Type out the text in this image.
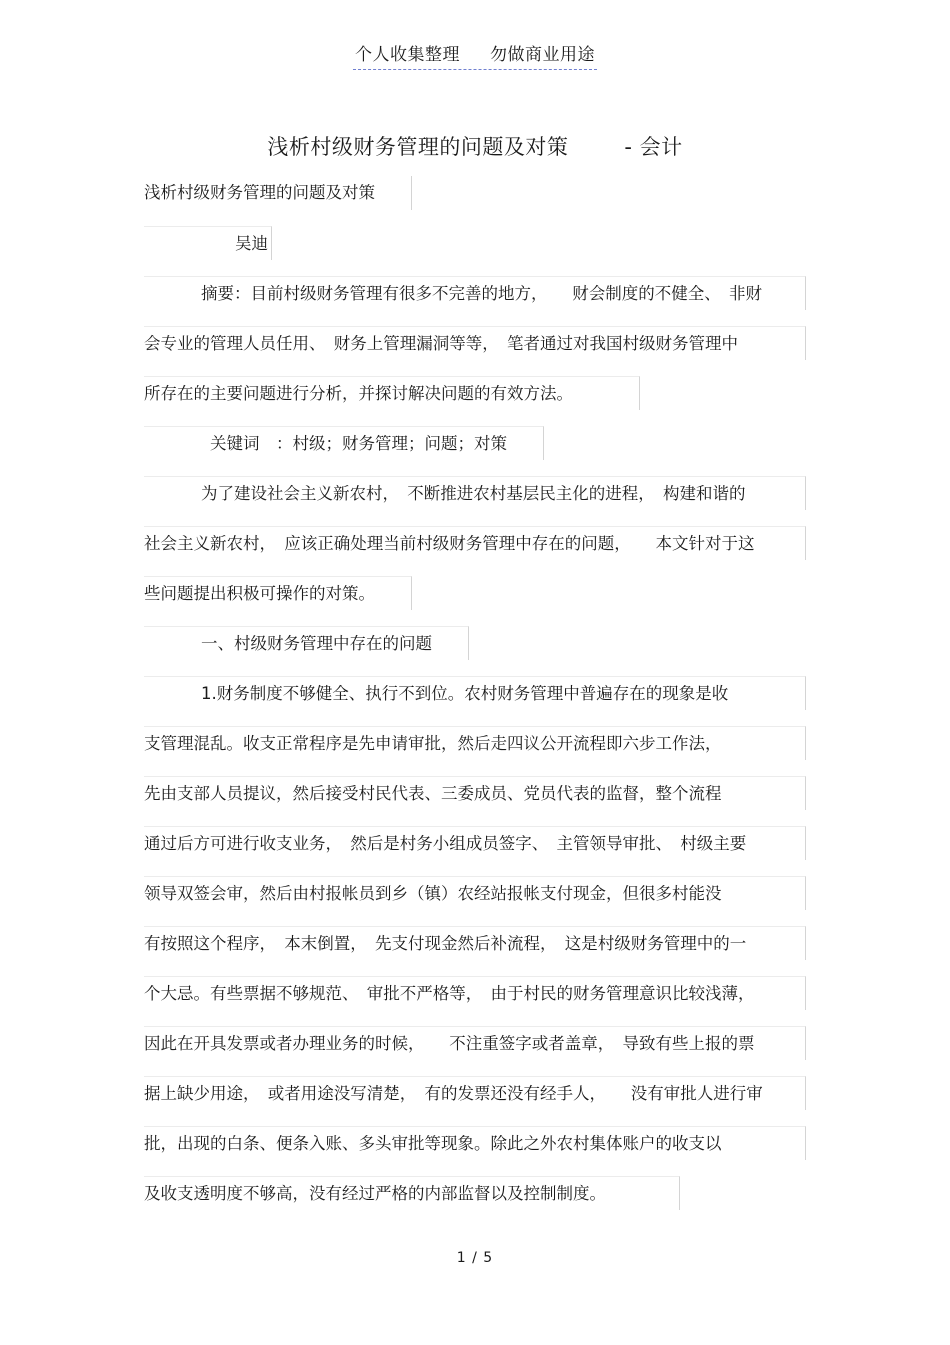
个人收集整理 勿做商业用途
浅析村级财务管理的问题及对策	- 会计
浅析村级财务管理的问题及对策
吴迪
摘要：目前村级财务管理有很多不完善的地方，　　财会制度的不健全、　非财
会专业的管理人员任用、　财务上管理漏洞等等，　笔者通过对我国村级财务管理中
所存在的主要问题进行分析，并探讨解决问题的有效方法。
关键词　：村级；财务管理；问题；对策
为了建设社会主义新农村，　不断推进农村基层民主化的进程，　构建和谐的
社会主义新农村，　应该正确处理当前村级财务管理中存在的问题，　　本文针对于这
些问题提出积极可操作的对策。
一、村级财务管理中存在的问题
1.财务制度不够健全、执行不到位。农村财务管理中普遍存在的现象是收
支管理混乱。收支正常程序是先申请审批，然后走四议公开流程即六步工作法，
先由支部人员提议，然后接受村民代表、三委成员、党员代表的监督，整个流程
通过后方可进行收支业务，　然后是村务小组成员签字、　主管领导审批、　村级主要
领导双签会审，然后由村报帐员到乡（镇）农经站报帐支付现金，但很多村能没
有按照这个程序，　本末倒置，　先支付现金然后补流程，　这是村级财务管理中的一
个大忌。有些票据不够规范、　审批不严格等，　由于村民的财务管理意识比较浅薄，
因此在开具发票或者办理业务的时候，　　不注重签字或者盖章，　导致有些上报的票
据上缺少用途，　或者用途没写清楚，　有的发票还没有经手人，　　没有审批人进行审
批，出现的白条、便条入账、多头审批等现象。除此之外农村集体账户的收支以
及收支透明度不够高，没有经过严格的内部监督以及控制制度。
1 / 5
